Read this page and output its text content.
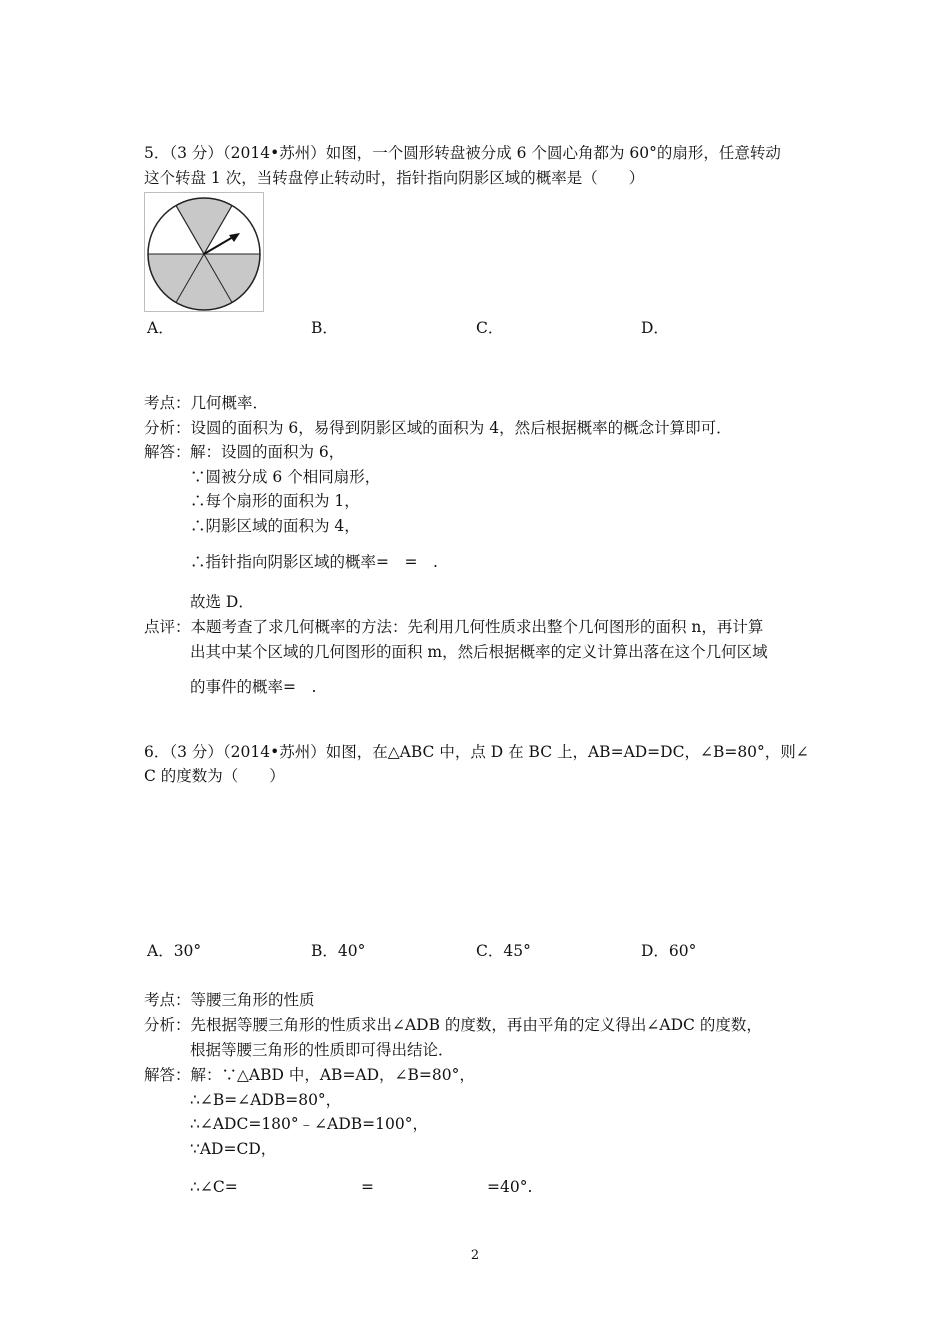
5．（3 分）（2014•苏州）如图，一个圆形转盘被分成 6 个圆心角都为 60°的扇形，任意转动
这个转盘 1 次，当转盘停止转动时，指针指向阴影区域的概率是（　　）
A．	B．	C．	D．
考点：几何概率．
分析：设圆的面积为 6，易得到阴影区域的面积为 4，然后根据概率的概念计算即可．
解答： 解：设圆的面积为 6，
∵圆被分成 6 个相同扇形，
∴每个扇形的面积为 1，
∴阴影区域的面积为 4，
∴指针指向阴影区域的概率=　=　.
故选 D．
点评：本题考查了求几何概率的方法：先利用几何性质求出整个几何图形的面积 n，再计算
出其中某个区域的几何图形的面积 m，然后根据概率的定义计算出落在这个几何区域
的事件的概率=　.
6．（3 分）（2014•苏州）如图，在△ABC 中，点 D 在 BC 上，AB=AD=DC，∠B=80°，则∠
C 的度数为（　　）
A．30°	B．40°	C．45°	D．60°
考点：等腰三角形的性质
分析：先根据等腰三角形的性质求出∠ADB 的度数，再由平角的定义得出∠ADC 的度数，
根据等腰三角形的性质即可得出结论．
解答：解：∵△ABD 中，AB=AD，∠B=80°，
∴∠B=∠ADB=80°，
∴∠ADC=180°﹣∠ADB=100°，
∵AD=CD，
∴∠C=	=	=40°.
2
